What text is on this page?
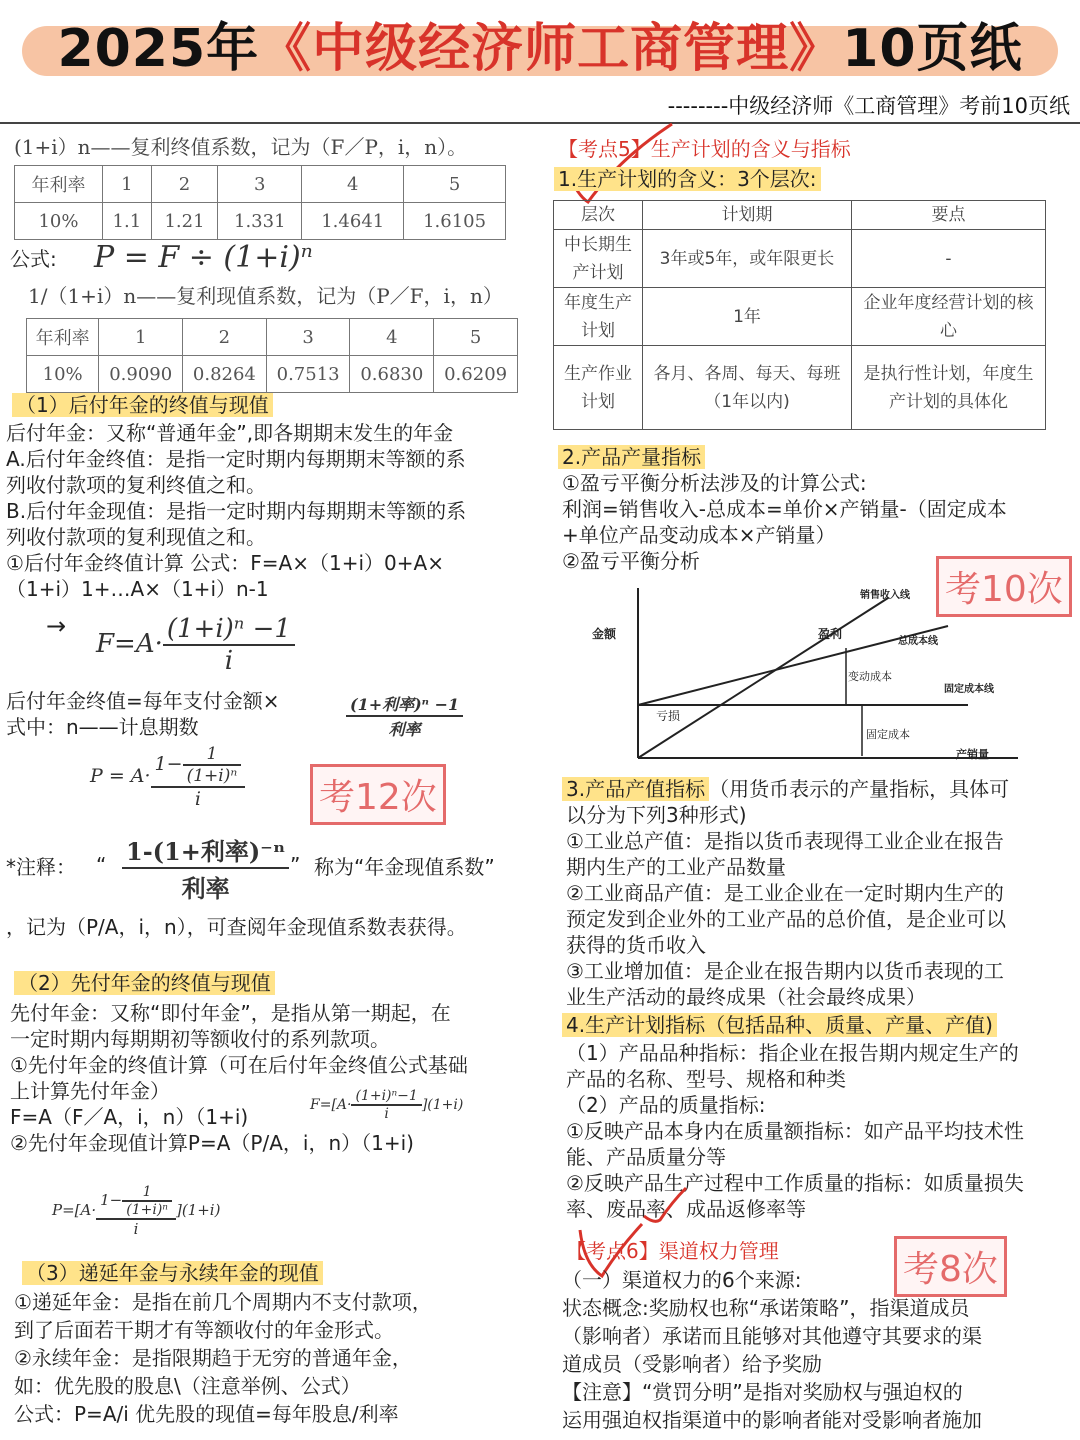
2025年《中级经济师工商管理》10页纸
--------中级经济师《工商管理》考前10页纸
(1+i）n——复利终值系数，记为（F／P，i，n）。
年利率	1	2	3	4	5
10%	1.1	1.21	1.331	1.4641	1.6105
公式: P = F ÷ (1+i)ⁿ
1/（1+i）n——复利现值系数，记为（P／F，i，n）
年利率	1	2	3	4	5
10%	0.9090	0.8264	0.7513	0.6830	0.6209
（1）后付年金的终值与现值
后付年金：又称“普通年金”,即各期期末发生的年金
A.后付年金终值：是指一定时期内每期期末等额的系
列收付款项的复利终值之和。
B.后付年金现值：是指一定时期内每期期末等额的系
列收付款项的复利现值之和。
①后付年金终值计算 公式：F=A×（1+i）0+A×
（1+i）1+…A×（1+i）n-1
→
$F=A\cdot \frac{\text{(1+i)ⁿ −1}}{i}$
后付年金终值=每年支付金额×
式中：n——计息期数	$\frac{\text{(1+利率)ⁿ −1}}{\text{利率}}$
$P = A\cdot \frac{1- \frac{1}{\text{(1+i)ⁿ}}}{i}$ 考12次
*注释： “ $\frac{\text{1-(1+利率)⁻ⁿ}}{\text{利率}}$ ” 称为“年金现值系数”
，记为（P/A，i，n），可查阅年金现值系数表获得。
（2）先付年金的终值与现值
先付年金：又称“即付年金”，是指从第一期起，在
一定时期内每期期初等额收付的系列款项。
①先付年金的终值计算（可在后付年金终值公式基础
上计算先付年金）
F=A（F／A，i，n）（1+i)
②先付年金现值计算P=A（P/A，i，n）（1+i)
$F=[A\cdot \frac{\text{(1+i)ⁿ−1}}{i} ](1+i)$
$P=[A\cdot \frac{1- \frac{1}{\text{(1+i)ⁿ}}}{i} ](1+i)$
（3）递延年金与永续年金的现值
①递延年金：是指在前几个周期内不支付款项，
到了后面若干期才有等额收付的年金形式。
②永续年金：是指限期趋于无穷的普通年金，
如：优先股的股息\（注意举例、公式）
公式：P=A/i 优先股的现值=每年股息/利率
【考点5】生产计划的含义与指标
1.生产计划的含义：3个层次:
层次	计划期	要点
中长期生产计划	3年或5年，或年限更长	-
年度生产计划	1年	企业年度经营计划的核心
生产作业计划	各月、各周、每天、每班（1年以内)	是执行性计划，年度生产计划的具体化
2.产品产量指标
①盈亏平衡分析法涉及的计算公式:
利润=销售收入-总成本=单价×产销量-（固定成本
+单位产品变动成本×产销量）
②盈亏平衡分析
考10次
金额
产销量
销售收入线
总成本线
固定成本线
盈利
亏损
变动成本
固定成本
3.产品产值指标 （用货币表示的产量指标，具体可
以分为下列3种形式)
①工业总产值：是指以货币表现得工业企业在报告
期内生产的工业产品数量
②工业商品产值：是工业企业在一定时期内生产的
预定发到企业外的工业产品的总价值，是企业可以
获得的货币收入
③工业增加值：是企业在报告期内以货币表现的工
业生产活动的最终成果（社会最终成果）
4.生产计划指标（包括品种、质量、产量、产值)
（1）产品品种指标：指企业在报告期内规定生产的
产品的名称、型号、规格和种类
（2）产品的质量指标:
①反映产品本身内在质量额指标：如产品平均技术性
能、产品质量分等
②反映产品生产过程中工作质量的指标：如质量损失
率、废品率、成品返修率等
【考点6】渠道权力管理	考8次
（一）渠道权力的6个来源:
状态概念:奖励权也称“承诺策略”，指渠道成员
（影响者）承诺而且能够对其他遵守其要求的渠
道成员（受影响者）给予奖励
【注意】“赏罚分明”是指对奖励权与强迫权的
运用强迫权指渠道中的影响者能对受影响者施加
